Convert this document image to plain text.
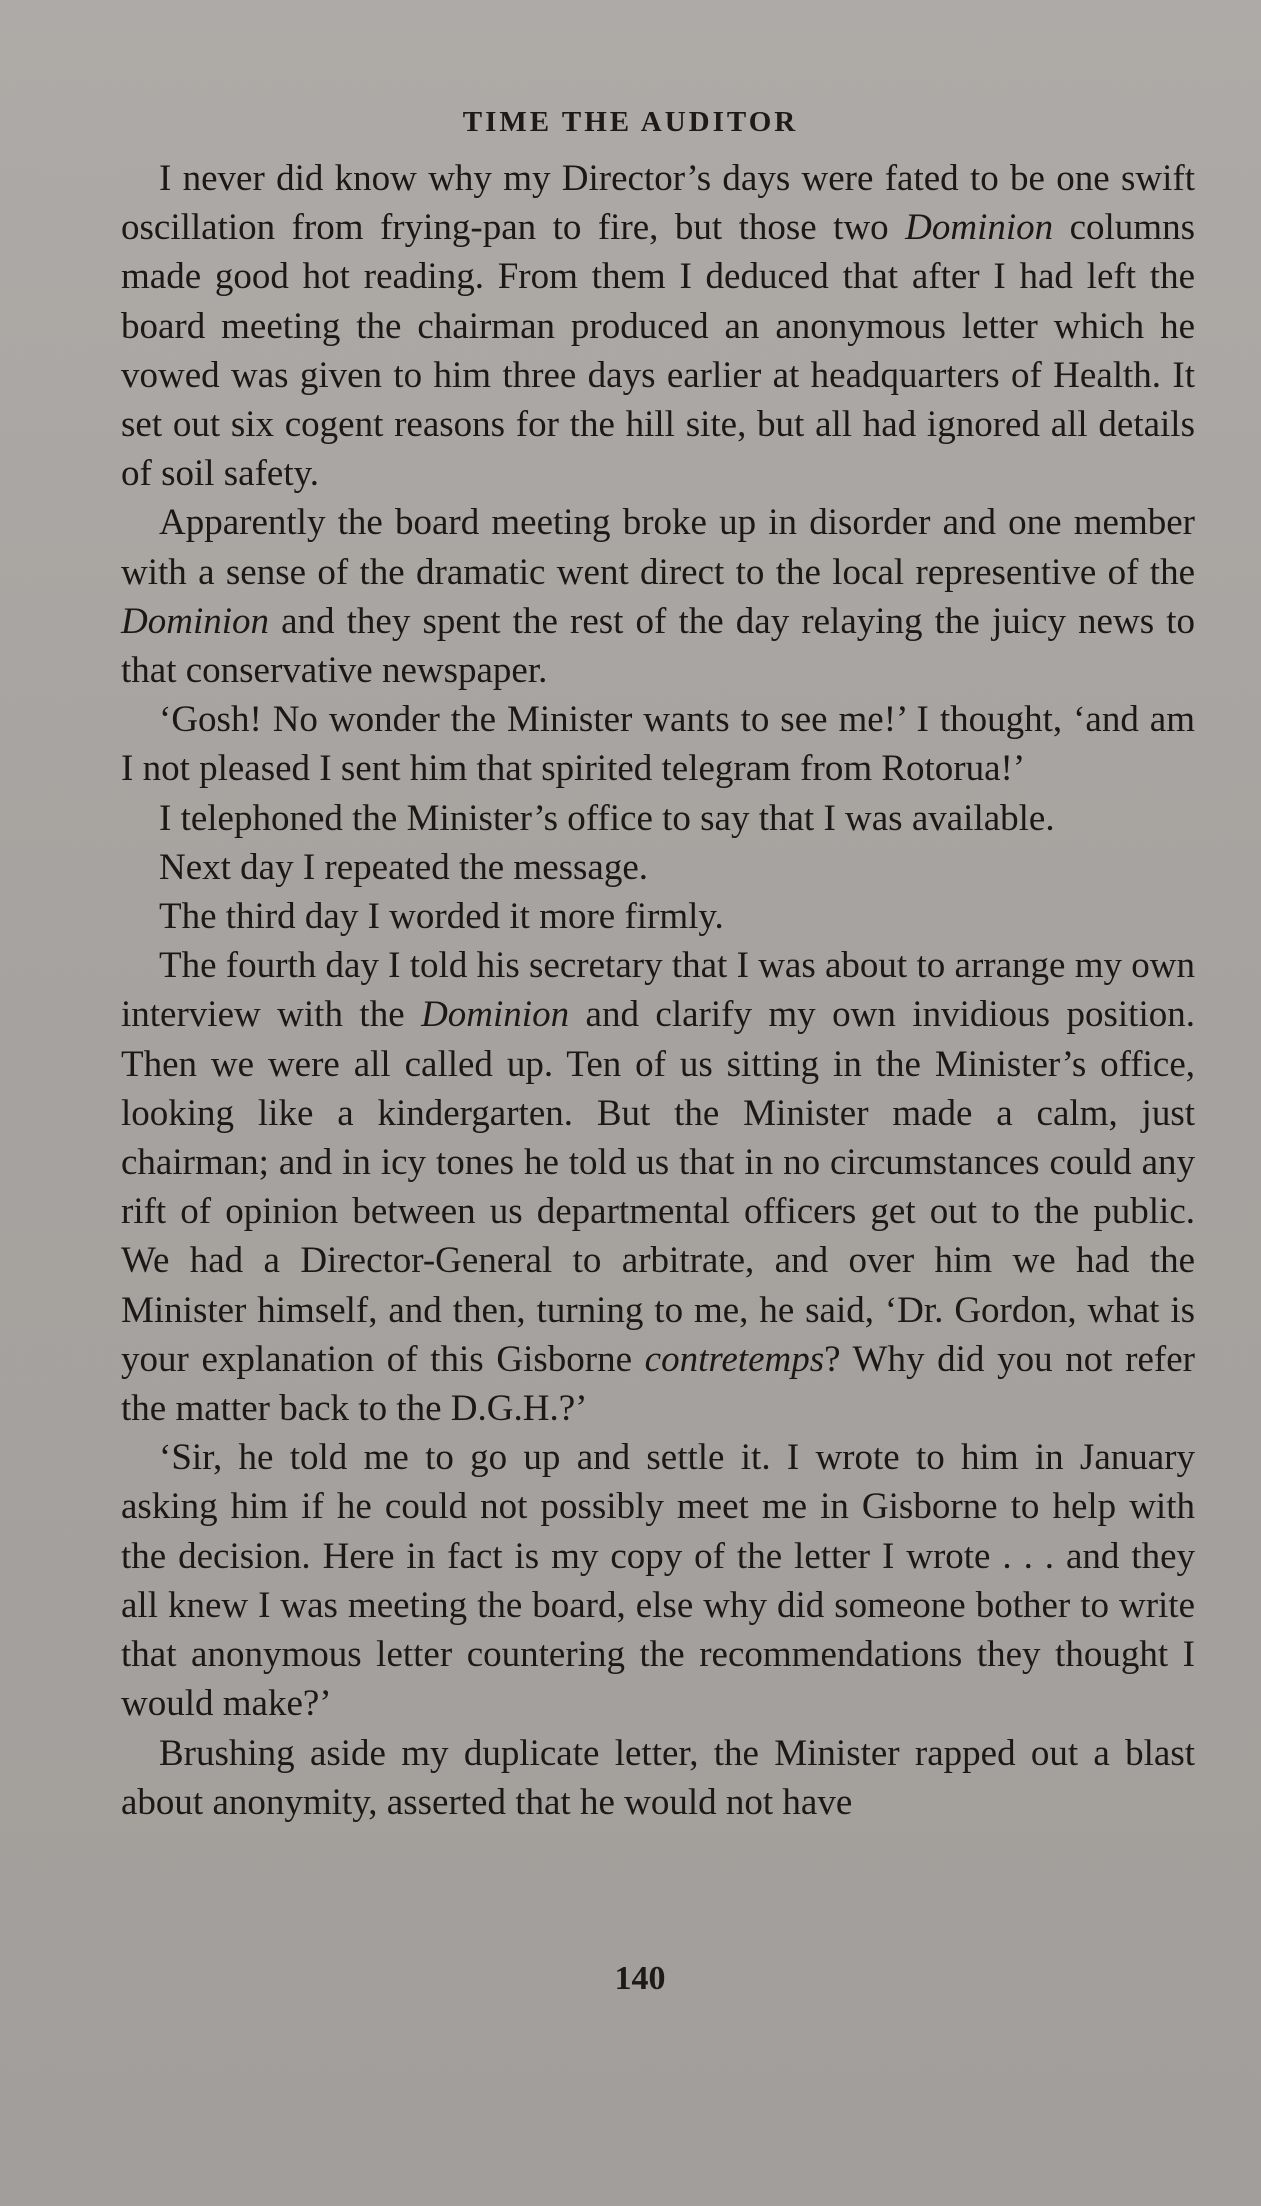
TIME THE AUDITOR

I never did know why my Director’s days were fated to be one swift oscillation from frying-pan to fire, but those two Dominion columns made good hot reading. From them I deduced that after I had left the board meeting the chairman produced an anonymous letter which he vowed was given to him three days earlier at headquarters of Health. It set out six cogent reasons for the hill site, but all had ignored all details of soil safety.

Apparently the board meeting broke up in disorder and one member with a sense of the dramatic went direct to the local representive of the Dominion and they spent the rest of the day relaying the juicy news to that conservative newspaper.

‘Gosh! No wonder the Minister wants to see me!’ I thought, ‘and am I not pleased I sent him that spirited telegram from Rotorua!’

I telephoned the Minister’s office to say that I was available.

Next day I repeated the message.

The third day I worded it more firmly.

The fourth day I told his secretary that I was about to arrange my own interview with the Dominion and clarify my own invidious position. Then we were all called up. Ten of us sitting in the Minister’s office, looking like a kindergarten. But the Minister made a calm, just chairman; and in icy tones he told us that in no circumstances could any rift of opinion between us departmental officers get out to the public. We had a Director-General to arbitrate, and over him we had the Minister himself, and then, turning to me, he said, ‘Dr. Gordon, what is your explanation of this Gisborne contretemps? Why did you not refer the matter back to the D.G.H.?’

‘Sir, he told me to go up and settle it. I wrote to him in January asking him if he could not possibly meet me in Gisborne to help with the decision. Here in fact is my copy of the letter I wrote . . . and they all knew I was meeting the board, else why did someone bother to write that anonymous letter countering the recommendations they thought I would make?’

Brushing aside my duplicate letter, the Minister rapped out a blast about anonymity, asserted that he would not have

140
